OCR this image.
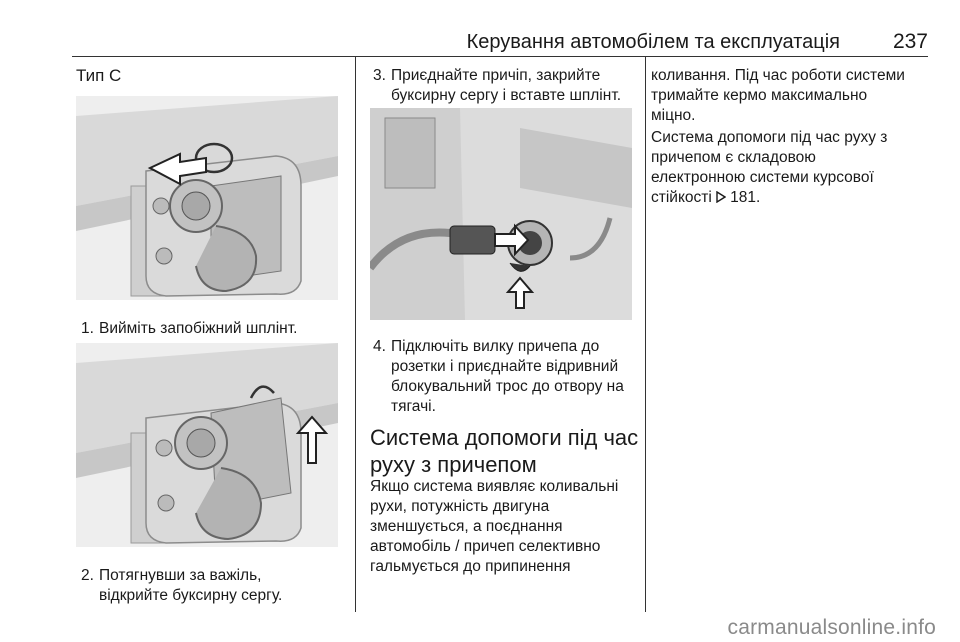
Керування автомобілем та експлуатація	237
Тип C
1. Вийміть запобіжний шплінт.
2. Потягнувши за важіль,
відкрийте буксирну сергу.
3. Приєднайте причіп, закрийте
буксирну сергу і вставте шплінт.
4. Підключіть вилку причепа до
розетки і приєднайте відривний
блокувальний трос до отвору на
тягачі.
Система допомоги під час
руху з причепом
Якщо система виявляє коливальні
рухи, потужність двигуна
зменшується, а поєднання
автомобіль / причеп селективно
гальмується до припинення
коливання. Під час роботи системи
тримайте кермо максимально
міцно.
Система допомоги під час руху з
причепом є складовою
електронною системи курсової
стійкості 181.
carmanualsonline.info
